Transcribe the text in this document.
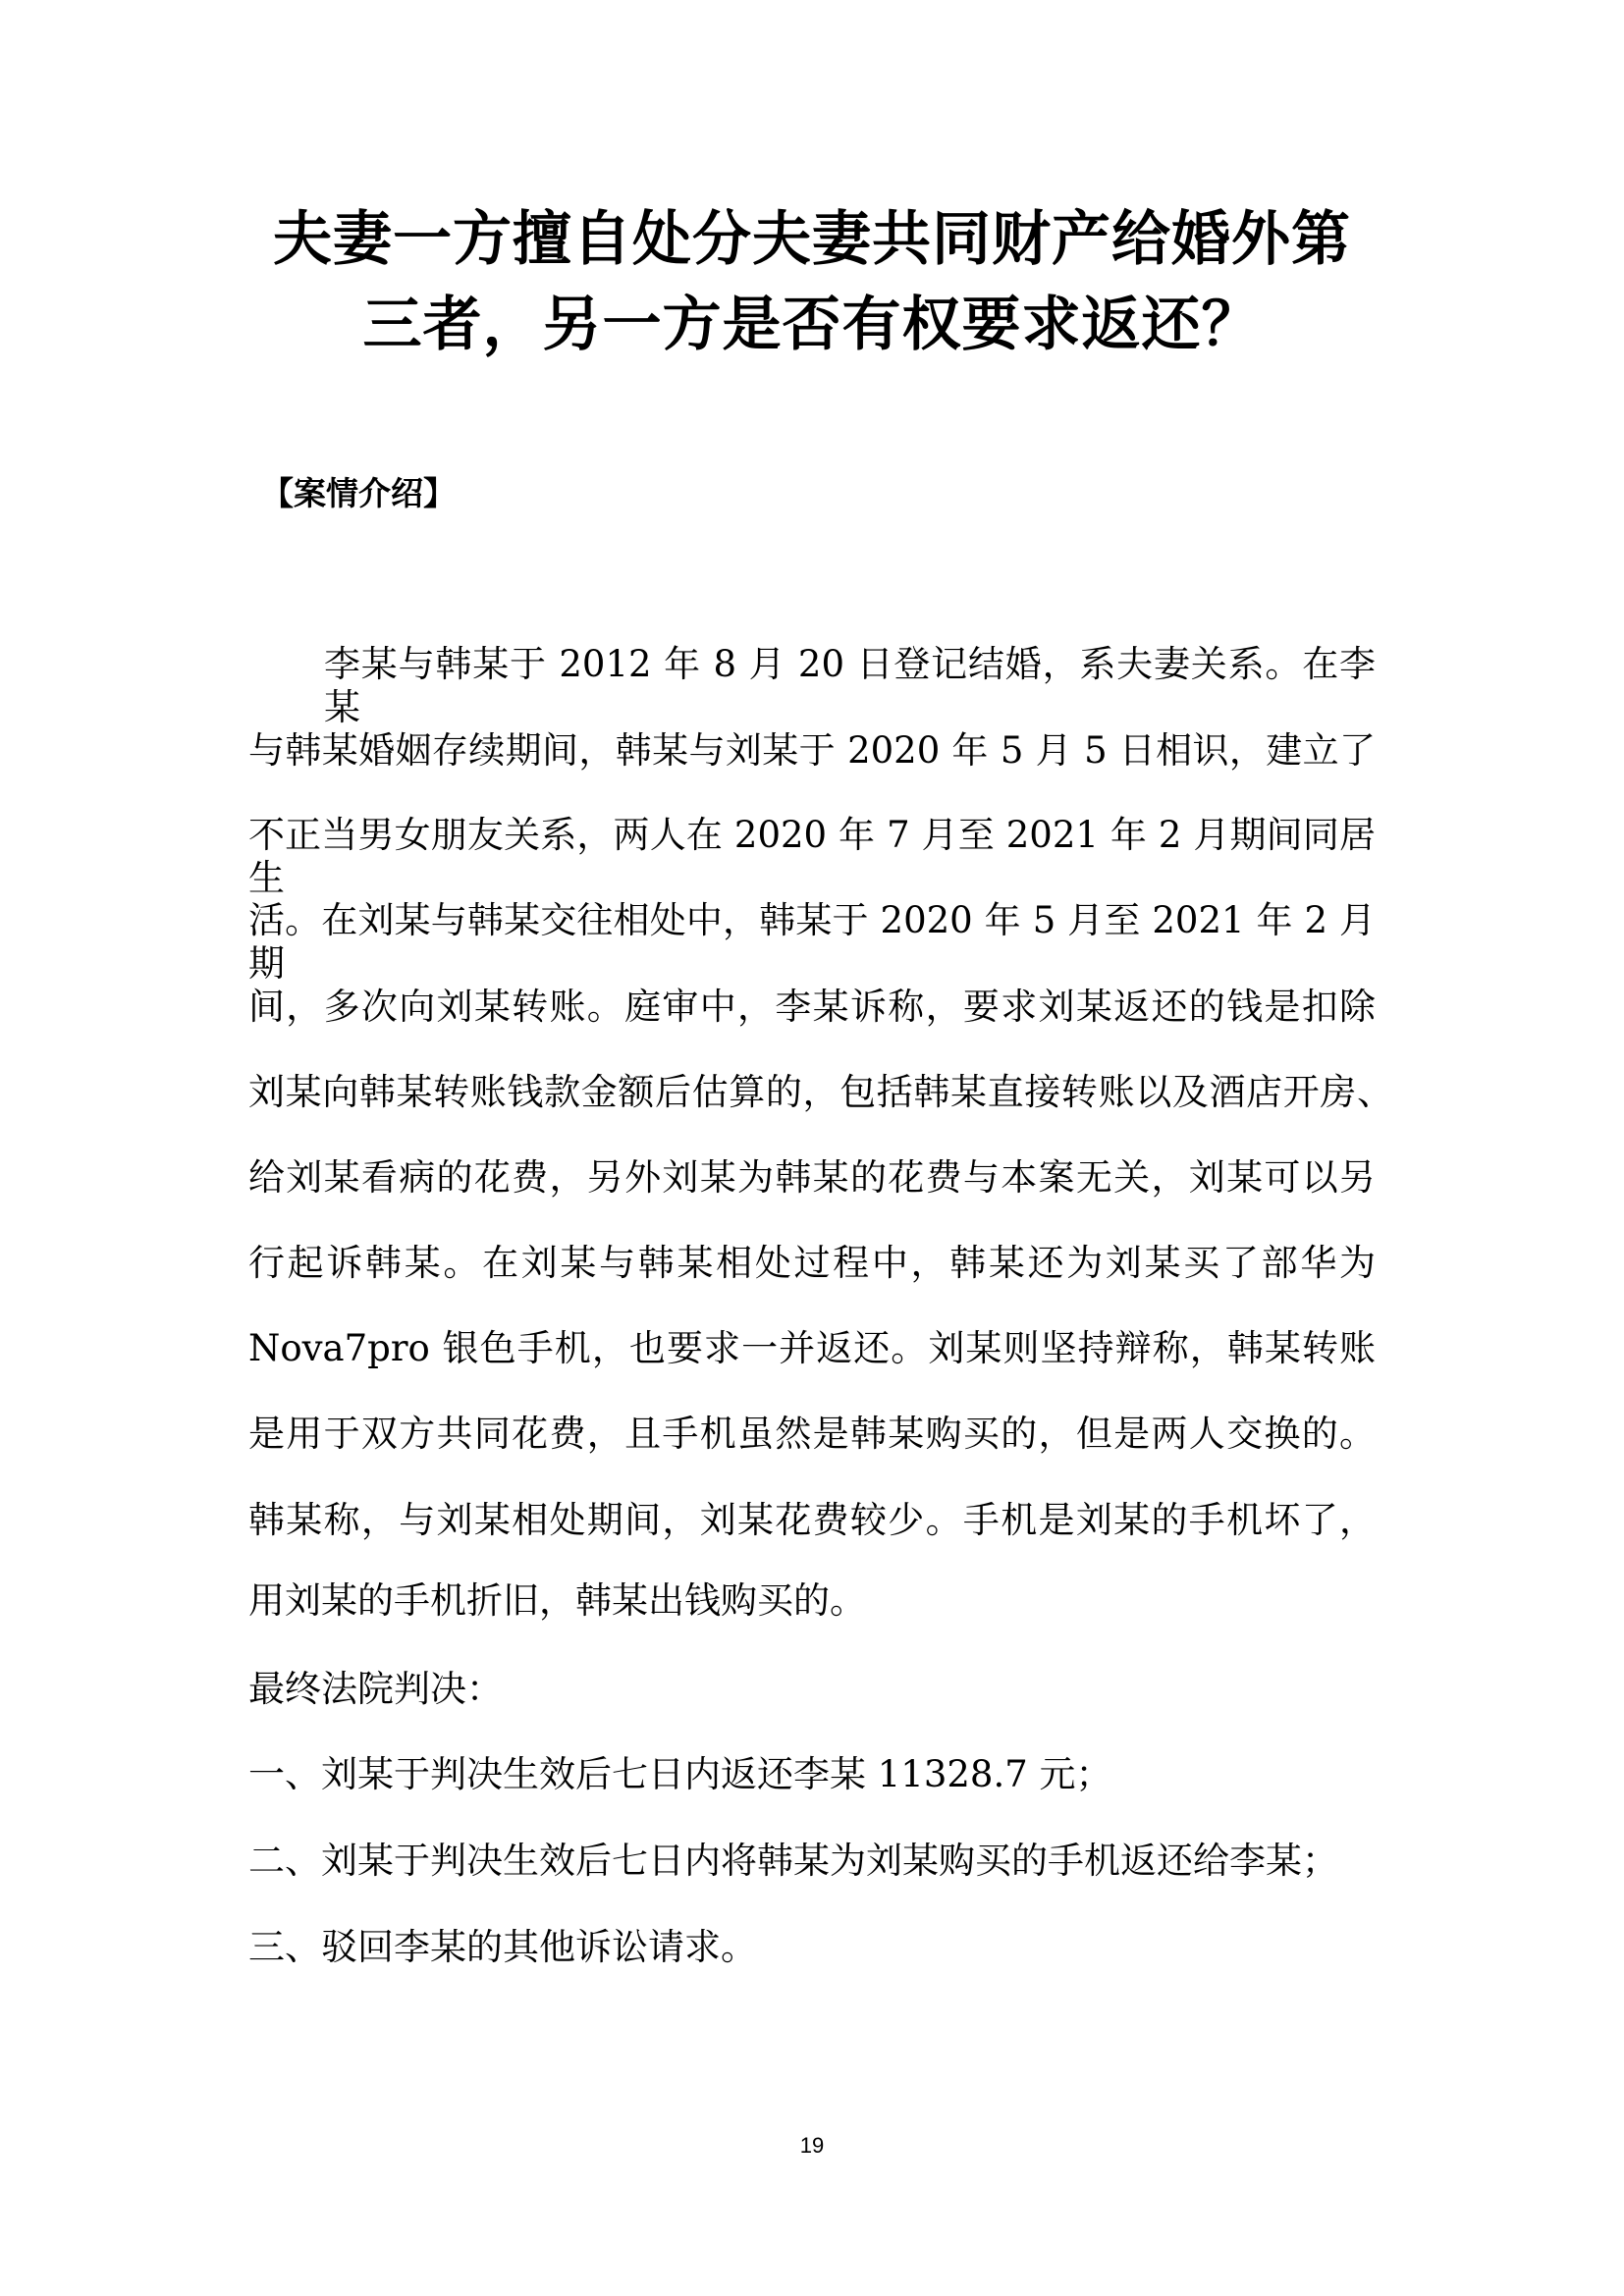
夫妻一方擅自处分夫妻共同财产给婚外第
三者，另一方是否有权要求返还？
【案情介绍】
李某与韩某于 2012 年 8 月 20 日登记结婚，系夫妻关系。在李某
与韩某婚姻存续期间，韩某与刘某于 2020 年 5 月 5 日相识，建立了
不正当男女朋友关系，两人在 2020 年 7 月至 2021 年 2 月期间同居生
活。在刘某与韩某交往相处中，韩某于 2020 年 5 月至 2021 年 2 月期
间，多次向刘某转账。庭审中，李某诉称，要求刘某返还的钱是扣除
刘某向韩某转账钱款金额后估算的，包括韩某直接转账以及酒店开房、
给刘某看病的花费，另外刘某为韩某的花费与本案无关，刘某可以另
行起诉韩某。在刘某与韩某相处过程中，韩某还为刘某买了部华为
Nova7pro 银色手机，也要求一并返还。刘某则坚持辩称，韩某转账
是用于双方共同花费，且手机虽然是韩某购买的，但是两人交换的。
韩某称，与刘某相处期间，刘某花费较少。手机是刘某的手机坏了，
用刘某的手机折旧，韩某出钱购买的。
最终法院判决：
一、刘某于判决生效后七日内返还李某 11328.7 元；
二、刘某于判决生效后七日内将韩某为刘某购买的手机返还给李某；
三、驳回李某的其他诉讼请求。
19
